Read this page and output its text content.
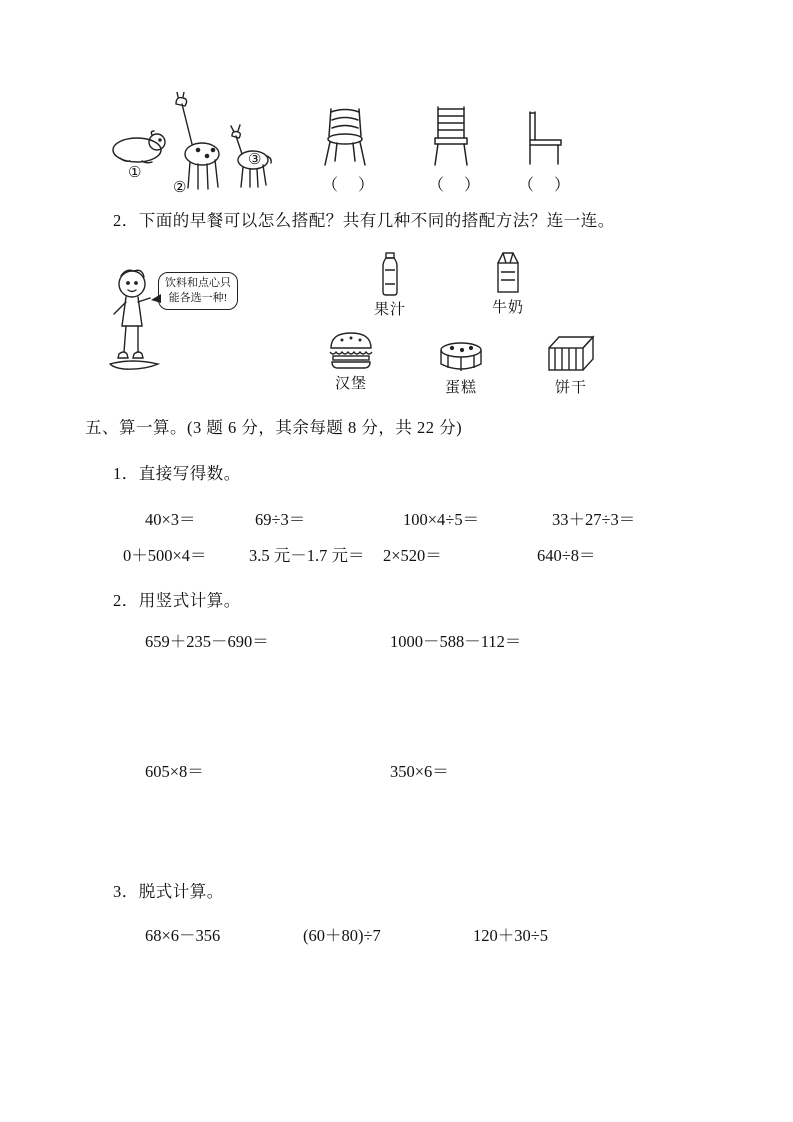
①
②
③
（　）	（　） （　）
2．下面的早餐可以怎么搭配？共有几种不同的搭配方法？连一连。
饮料和点心只
能各选一种!
果汁	牛奶
汉堡	蛋糕	饼干
五、算一算。(3 题 6 分，其余每题 8 分，共 22 分)
1．直接写得数。
40×3＝	69÷3＝	100×4÷5＝	33＋27÷3＝
0＋500×4＝	3.5 元－1.7 元＝ 2×520＝	640÷8＝
2．用竖式计算。
659＋235－690＝	1000－588－112＝
605×8＝	350×6＝
3．脱式计算。
68×6－356	(60＋80)÷7	120＋30÷5
